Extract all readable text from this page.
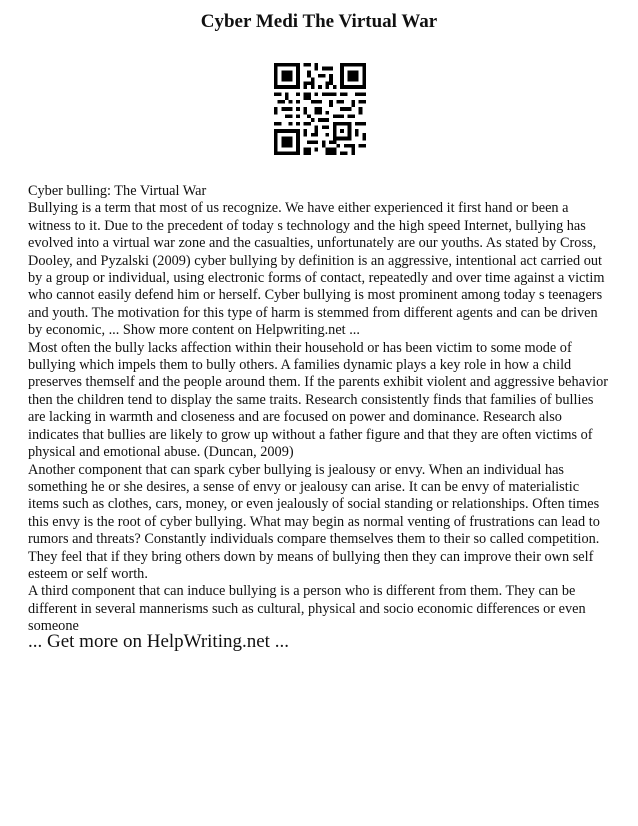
Cyber Medi The Virtual War

Cyber bulling: The Virtual War

Bullying is a term that most of us recognize. We have either experienced it first hand or been a witness to it. Due to the precedent of today s technology and the high speed Internet, bullying has evolved into a virtual war zone and the casualties, unfortunately are our youths. As stated by Cross, Dooley, and Pyzalski (2009) cyber bullying by definition is an aggressive, intentional act carried out by a group or individual, using electronic forms of contact, repeatedly and over time against a victim who cannot easily defend him or herself. Cyber bullying is most prominent among today s teenagers and youth. The motivation for this type of harm is stemmed from different agents and can be driven by economic, ... Show more content on Helpwriting.net ...

Most often the bully lacks affection within their household or has been victim to some mode of bullying which impels them to bully others. A families dynamic plays a key role in how a child preserves themself and the people around them. If the parents exhibit violent and aggressive behavior then the children tend to display the same traits. Research consistently finds that families of bullies are lacking in warmth and closeness and are focused on power and dominance. Research also indicates that bullies are likely to grow up without a father figure and that they are often victims of physical and emotional abuse. (Duncan, 2009)

Another component that can spark cyber bullying is jealousy or envy. When an individual has something he or she desires, a sense of envy or jealousy can arise. It can be envy of materialistic items such as clothes, cars, money, or even jealously of social standing or relationships. Often times this envy is the root of cyber bullying. What may begin as normal venting of frustrations can lead to rumors and threats? Constantly individuals compare themselves them to their so called competition. They feel that if they bring others down by means of bullying then they can improve their own self esteem or self worth.

A third component that can induce bullying is a person who is different from them. They can be different in several mannerisms such as cultural, physical and socio economic differences or even someone

... Get more on HelpWriting.net ...
